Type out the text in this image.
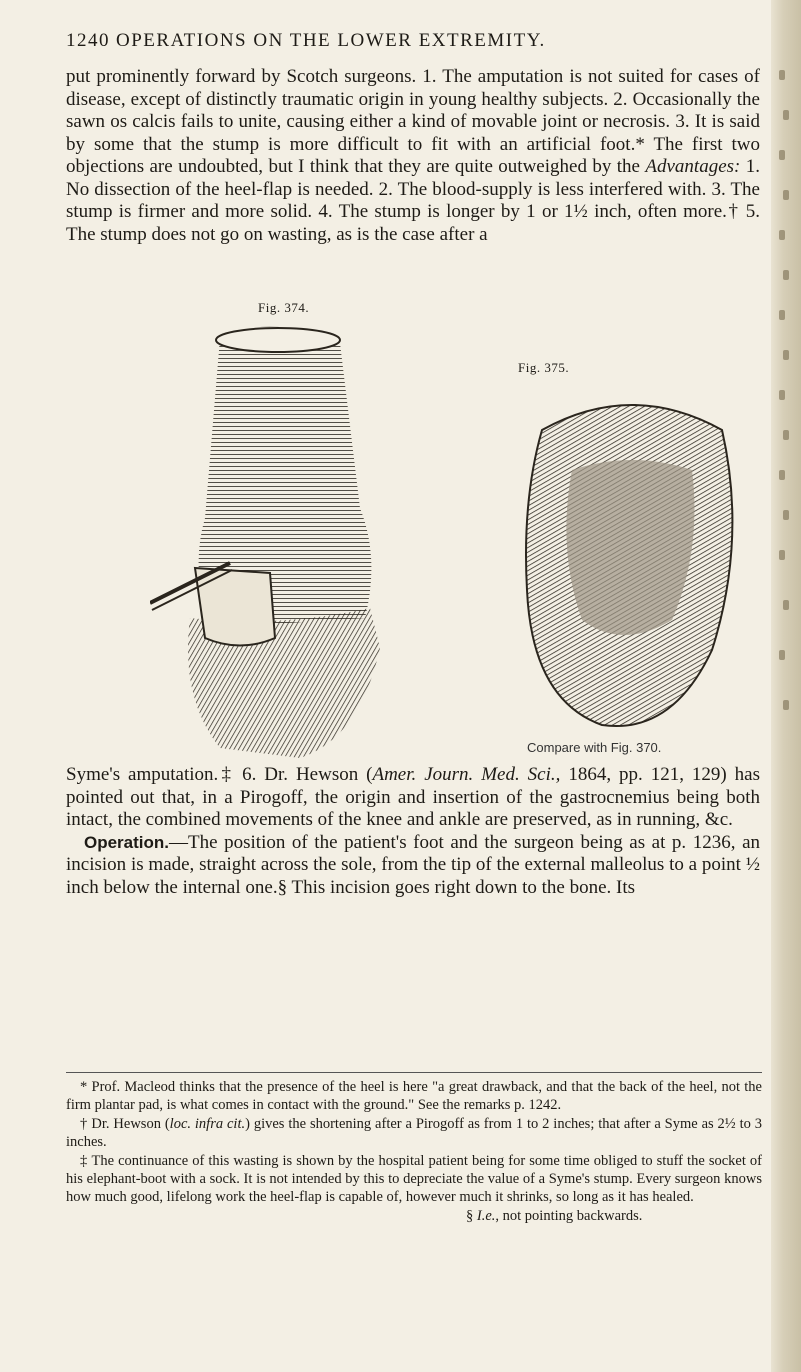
1240 OPERATIONS ON THE LOWER EXTREMITY.

put prominently forward by Scotch surgeons. 1. The amputation is not suited for cases of disease, except of distinctly traumatic origin in young healthy subjects. 2. Occasionally the sawn os calcis fails to unite, causing either a kind of movable joint or necrosis. 3. It is said by some that the stump is more difficult to fit with an artificial foot.* The first two objections are undoubted, but I think that they are quite outweighed by the Advantages: 1. No dissection of the heel-flap is needed. 2. The blood-supply is less interfered with. 3. The stump is firmer and more solid. 4. The stump is longer by 1 or 1½ inch, often more.† 5. The stump does not go on wasting, as is the case after a

Fig. 374.
Fig. 375.
Compare with Fig. 370.

Syme's amputation.‡ 6. Dr. Hewson (Amer. Journ. Med. Sci., 1864, pp. 121, 129) has pointed out that, in a Pirogoff, the origin and insertion of the gastrocnemius being both intact, the combined movements of the knee and ankle are preserved, as in running, &c.

Operation.—The position of the patient's foot and the surgeon being as at p. 1236, an incision is made, straight across the sole, from the tip of the external malleolus to a point ½ inch below the internal one.§ This incision goes right down to the bone. Its

* Prof. Macleod thinks that the presence of the heel is here "a great drawback, and that the back of the heel, not the firm plantar pad, is what comes in contact with the ground." See the remarks p. 1242.

† Dr. Hewson (loc. infra cit.) gives the shortening after a Pirogoff as from 1 to 2 inches; that after a Syme as 2½ to 3 inches.

‡ The continuance of this wasting is shown by the hospital patient being for some time obliged to stuff the socket of his elephant-boot with a sock. It is not intended by this to depreciate the value of a Syme's stump. Every surgeon knows how much good, lifelong work the heel-flap is capable of, however much it shrinks, so long as it has healed.

§ I.e., not pointing backwards.
